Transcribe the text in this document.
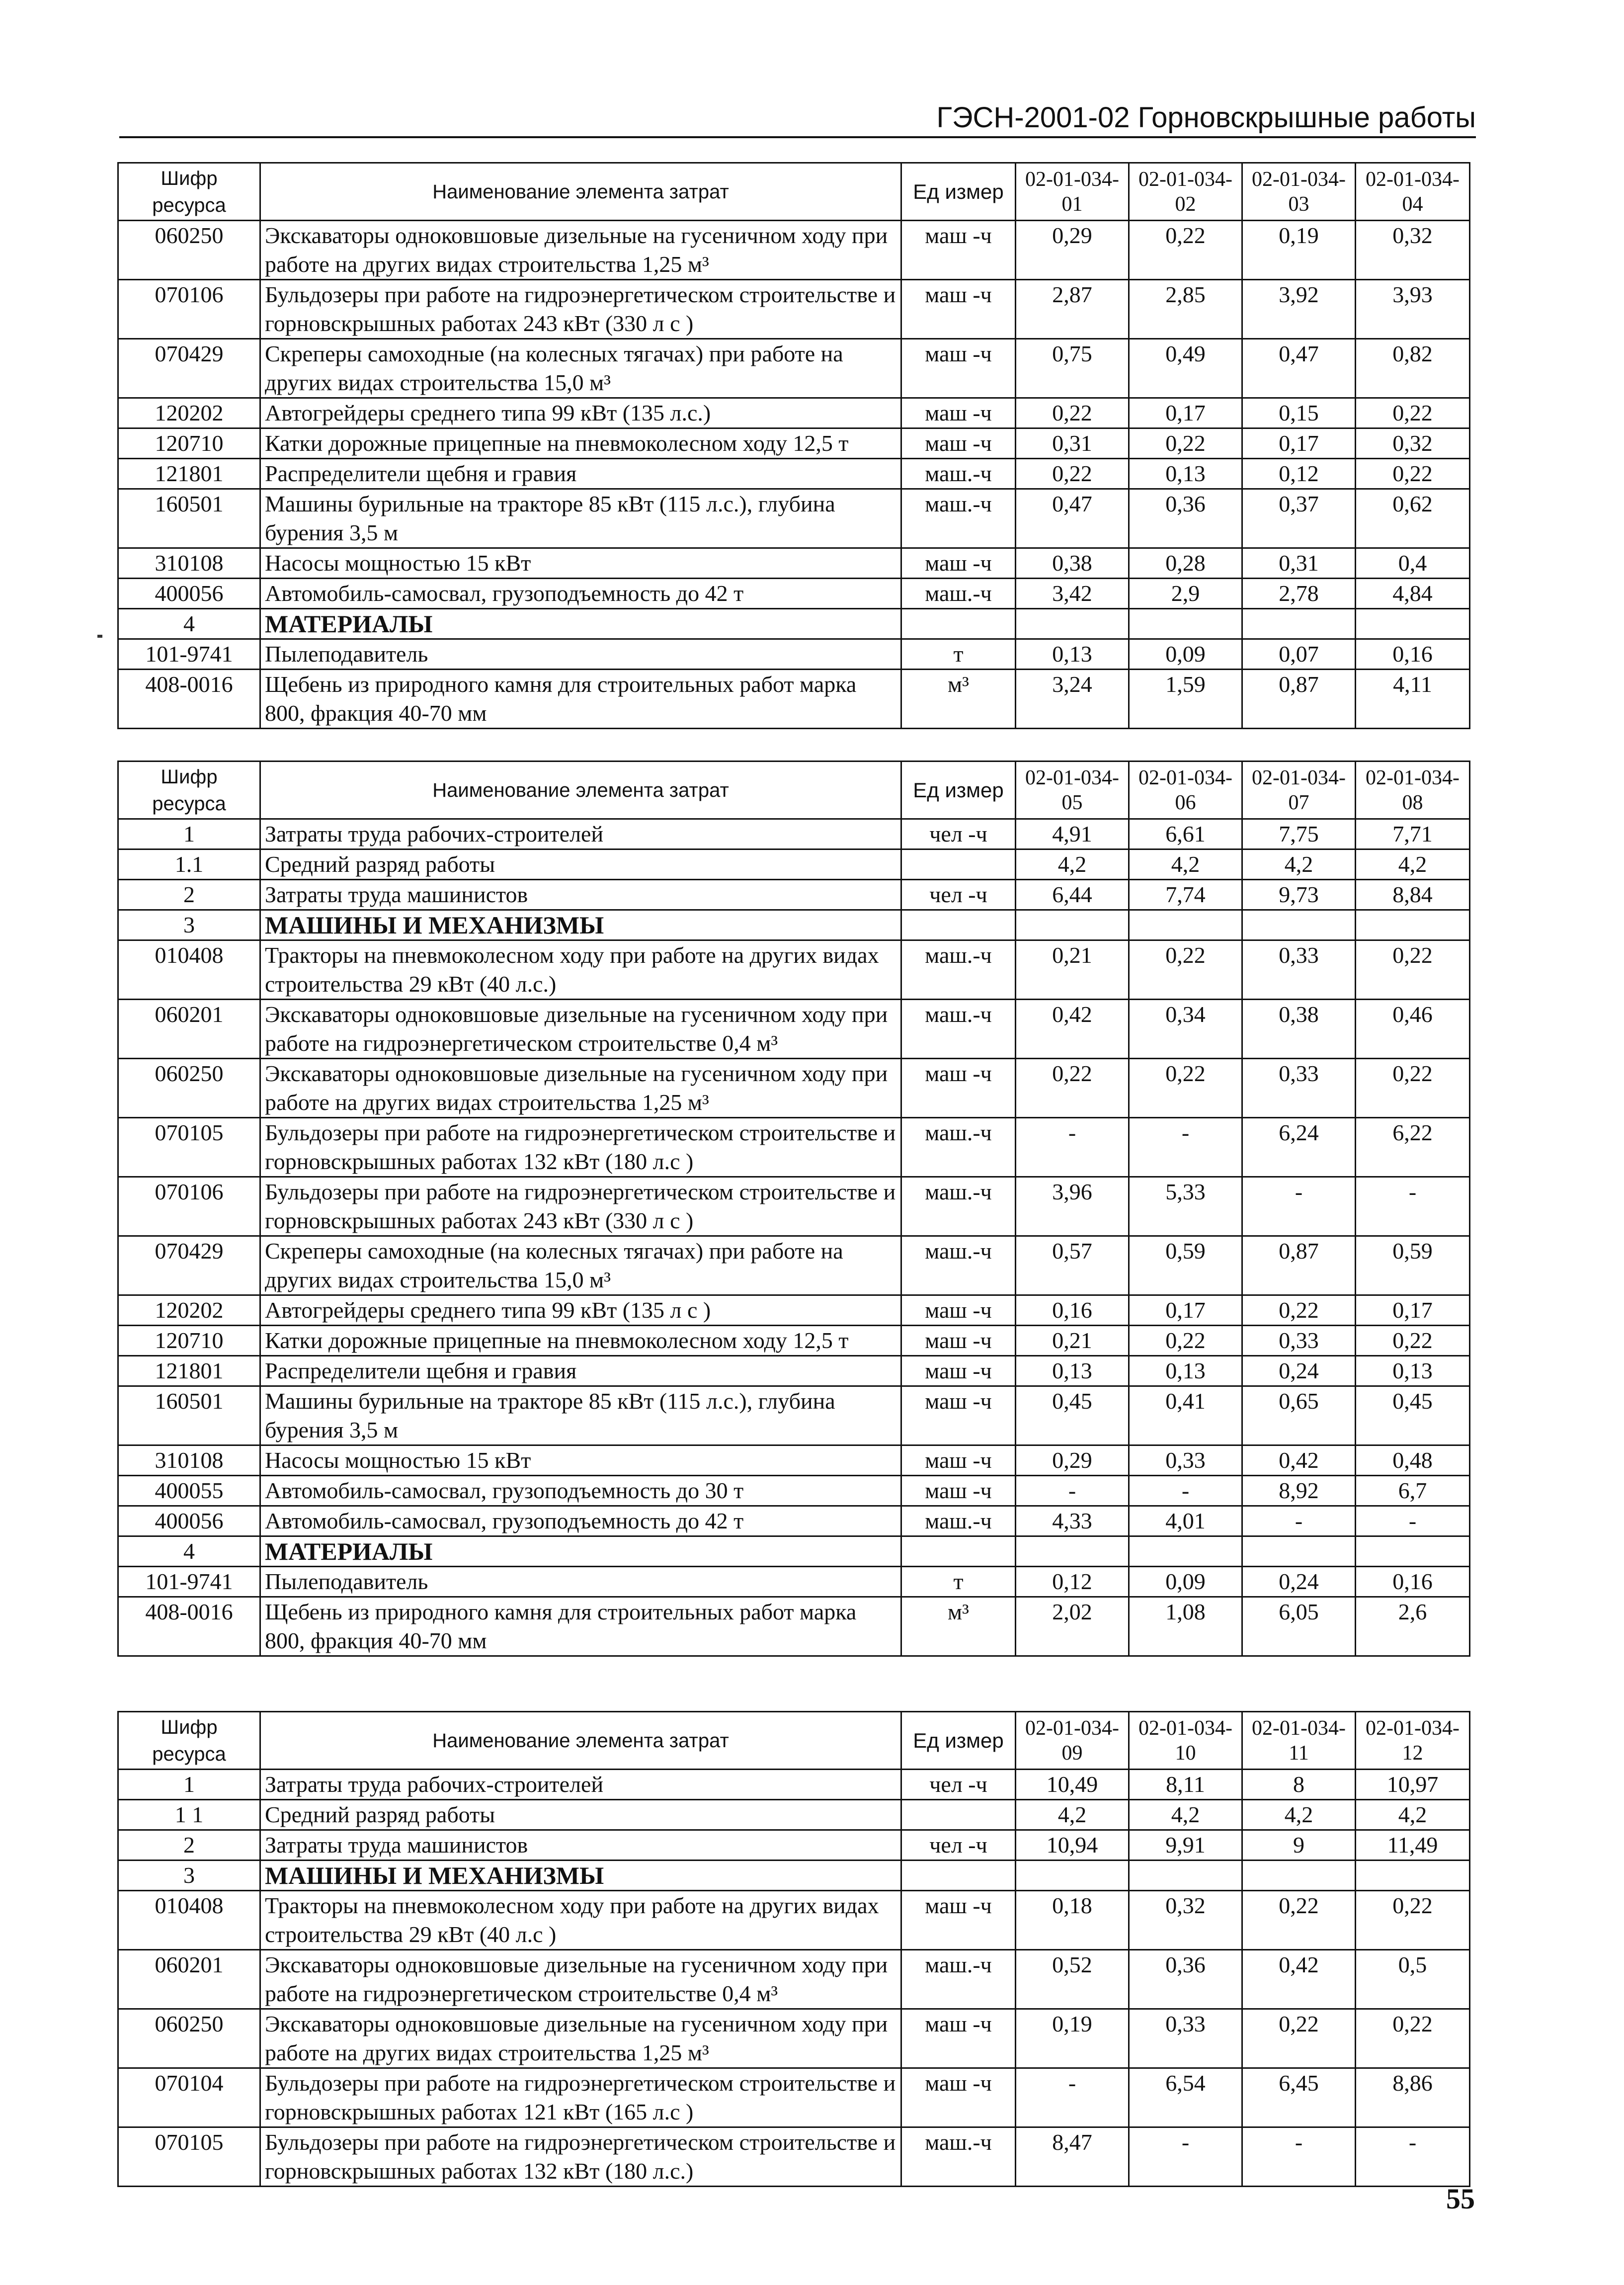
ГЭСН-2001-02 Горновскрышные работы
Шифр ресурса	Наименование элемента затрат	Ед измер	02-01-034-01	02-01-034-02	02-01-034-03	02-01-034-04
060250	Экскаваторы одноковшовые дизельные на гусеничном ходу при работе на других видах строительства 1,25 м³	маш -ч	0,29	0,22	0,19	0,32
070106	Бульдозеры при работе на гидроэнергетическом строительстве и горновскрышных работах 243 кВт (330 л с )	маш -ч	2,87	2,85	3,92	3,93
070429	Скреперы самоходные (на колесных тягачах) при работе на других видах строительства 15,0 м³	маш -ч	0,75	0,49	0,47	0,82
120202	Автогрейдеры среднего типа 99 кВт (135 л.с.)	маш -ч	0,22	0,17	0,15	0,22
120710	Катки дорожные прицепные на пневмоколесном ходу 12,5 т	маш -ч	0,31	0,22	0,17	0,32
121801	Распределители щебня и гравия	маш.-ч	0,22	0,13	0,12	0,22
160501	Машины бурильные на тракторе 85 кВт (115 л.с.), глубина бурения 3,5 м	маш.-ч	0,47	0,36	0,37	0,62
310108	Насосы мощностью 15 кВт	маш -ч	0,38	0,28	0,31	0,4
400056	Автомобиль-самосвал, грузоподъемность до 42 т	маш.-ч	3,42	2,9	2,78	4,84
4	МАТЕРИАЛЫ					
101-9741	Пылеподавитель	т	0,13	0,09	0,07	0,16
408-0016	Щебень из природного камня для строительных работ марка 800, фракция 40-70 мм	м³	3,24	1,59	0,87	4,11
Шифр ресурса	Наименование элемента затрат	Ед измер	02-01-034-05	02-01-034-06	02-01-034-07	02-01-034-08
1	Затраты труда рабочих-строителей	чел -ч	4,91	6,61	7,75	7,71
1.1	Средний разряд работы		4,2	4,2	4,2	4,2
2	Затраты труда машинистов	чел -ч	6,44	7,74	9,73	8,84
3	МАШИНЫ И МЕХАНИЗМЫ					
010408	Тракторы на пневмоколесном ходу при работе на других видах строительства 29 кВт (40 л.с.)	маш.-ч	0,21	0,22	0,33	0,22
060201	Экскаваторы одноковшовые дизельные на гусеничном ходу при работе на гидроэнергетическом строительстве 0,4 м³	маш.-ч	0,42	0,34	0,38	0,46
060250	Экскаваторы одноковшовые дизельные на гусеничном ходу при работе на других видах строительства 1,25 м³	маш -ч	0,22	0,22	0,33	0,22
070105	Бульдозеры при работе на гидроэнергетическом строительстве и горновскрышных работах 132 кВт (180 л.с )	маш.-ч	-	-	6,24	6,22
070106	Бульдозеры при работе на гидроэнергетическом строительстве и горновскрышных работах 243 кВт (330 л с )	маш.-ч	3,96	5,33	-	-
070429	Скреперы самоходные (на колесных тягачах) при работе на других видах строительства 15,0 м³	маш.-ч	0,57	0,59	0,87	0,59
120202	Автогрейдеры среднего типа 99 кВт (135 л с )	маш -ч	0,16	0,17	0,22	0,17
120710	Катки дорожные прицепные на пневмоколесном ходу 12,5 т	маш -ч	0,21	0,22	0,33	0,22
121801	Распределители щебня и гравия	маш -ч	0,13	0,13	0,24	0,13
160501	Машины бурильные на тракторе 85 кВт (115 л.с.), глубина бурения 3,5 м	маш -ч	0,45	0,41	0,65	0,45
310108	Насосы мощностью 15 кВт	маш -ч	0,29	0,33	0,42	0,48
400055	Автомобиль-самосвал, грузоподъемность до 30 т	маш -ч	-	-	8,92	6,7
400056	Автомобиль-самосвал, грузоподъемность до 42 т	маш.-ч	4,33	4,01	-	-
4	МАТЕРИАЛЫ					
101-9741	Пылеподавитель	т	0,12	0,09	0,24	0,16
408-0016	Щебень из природного камня для строительных работ марка 800, фракция 40-70 мм	м³	2,02	1,08	6,05	2,6
Шифр ресурса	Наименование элемента затрат	Ед измер	02-01-034-09	02-01-034-10	02-01-034-11	02-01-034-12
1	Затраты труда рабочих-строителей	чел -ч	10,49	8,11	8	10,97
1 1	Средний разряд работы		4,2	4,2	4,2	4,2
2	Затраты труда машинистов	чел -ч	10,94	9,91	9	11,49
3	МАШИНЫ И МЕХАНИЗМЫ					
010408	Тракторы на пневмоколесном ходу при работе на других видах строительства 29 кВт (40 л.с )	маш -ч	0,18	0,32	0,22	0,22
060201	Экскаваторы одноковшовые дизельные на гусеничном ходу при работе на гидроэнергетическом строительстве 0,4 м³	маш.-ч	0,52	0,36	0,42	0,5
060250	Экскаваторы одноковшовые дизельные на гусеничном ходу при работе на других видах строительства 1,25 м³	маш -ч	0,19	0,33	0,22	0,22
070104	Бульдозеры при работе на гидроэнергетическом строительстве и горновскрышных работах 121 кВт (165 л.с )	маш -ч	-	6,54	6,45	8,86
070105	Бульдозеры при работе на гидроэнергетическом строительстве и горновскрышных работах 132 кВт (180 л.с.)	маш.-ч	8,47	-	-	-
55
